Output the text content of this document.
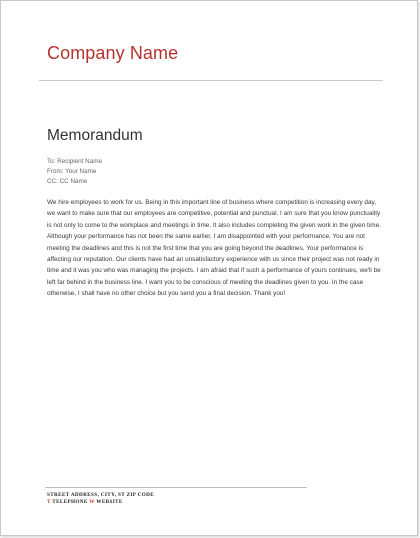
Company Name
Memorandum
To: Recipient Name
From: Your Name
CC: CC Name

We hire employees to work for us. Being in this important line of business where competition is increasing every day, we want to make sure that our employees are competitive, potential and punctual. I am sure that you know punctuality is not only to come to the workplace and meetings in time. It also includes completing the given work in the given time. Although your performance has not been the same earlier, I am disappointed with your performance. You are not meeting the deadlines and this is not the first time that you are going beyond the deadlines. Your performance is affecting our reputation. Our clients have had an unsatisfactory experience with us since their project was not ready in time and it was you who was managing the projects. I am afraid that if such a performance of yours continues, we'll be left far behind in the business line. I want you to be conscious of meeting the deadlines given to you. In the case otherwise, I shall have no other choice but you send you a final decision. Thank you!

STREET ADDRESS, CITY, ST ZIP CODE
T TELEPHONE W WEBSITE
